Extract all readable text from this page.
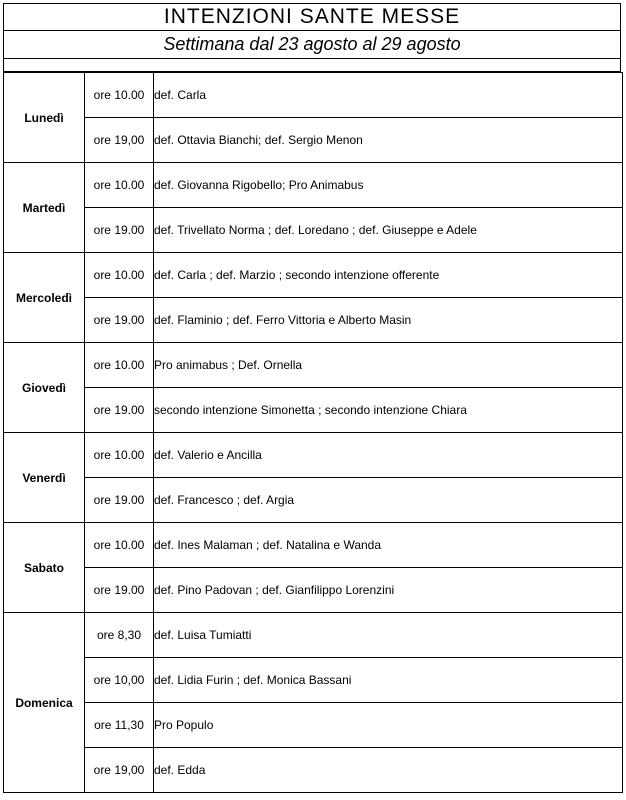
INTENZIONI SANTE MESSE
Settimana dal 23 agosto al 29 agosto
Lunedì	ore 10.00	def. Carla
	ore 19,00	def. Ottavia Bianchi; def. Sergio Menon
Martedì	ore 10.00	def. Giovanna Rigobello; Pro Animabus
	ore 19.00	def. Trivellato Norma ; def. Loredano ; def. Giuseppe e Adele
Mercoledì	ore 10.00	def. Carla ; def. Marzio ; secondo intenzione offerente
	ore 19.00	def. Flaminio ; def. Ferro Vittoria e Alberto Masin
Giovedì	ore 10.00	Pro animabus ; Def. Ornella
	ore 19.00	secondo intenzione Simonetta ; secondo intenzione Chiara
Venerdì	ore 10.00	def. Valerio e Ancilla
	ore 19.00	def. Francesco ; def. Argia
Sabato	ore 10.00	def. Ines Malaman ; def. Natalina e Wanda
	ore 19.00	def. Pino Padovan ; def. Gianfilippo Lorenzini
Domenica	ore 8,30	def. Luisa Tumiatti
	ore 10,00	def. Lidia Furin ; def. Monica Bassani
	ore 11,30	Pro Populo
	ore 19,00	def. Edda
